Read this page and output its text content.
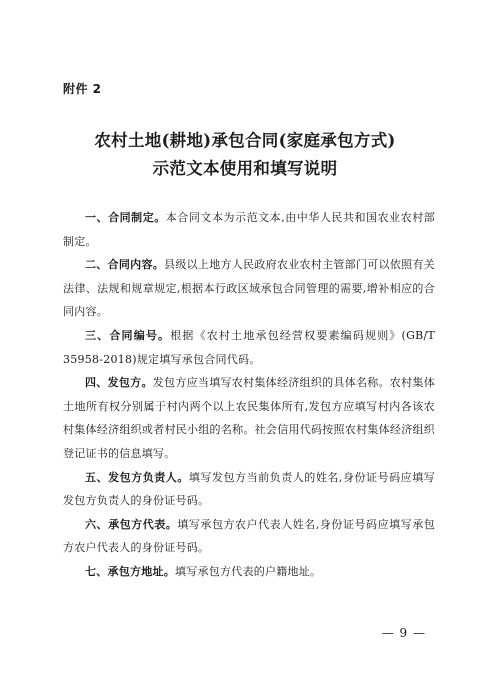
附件 2
农村土地(耕地)承包合同(家庭承包方式)
示范文本使用和填写说明

一、合同制定。本合同文本为示范文本,由中华人民共和国农业农村部制定。

二、合同内容。县级以上地方人民政府农业农村主管部门可以依照有关法律、法规和规章规定,根据本行政区域承包合同管理的需要,增补相应的合同内容。

三、合同编号。根据《农村土地承包经营权要素编码规则》(GB/T 35958-2018)规定填写承包合同代码。

四、发包方。发包方应当填写农村集体经济组织的具体名称。农村集体土地所有权分别属于村内两个以上农民集体所有,发包方应填写村内各该农村集体经济组织或者村民小组的名称。社会信用代码按照农村集体经济组织登记证书的信息填写。

五、发包方负责人。填写发包方当前负责人的姓名,身份证号码应填写发包方负责人的身份证号码。

六、承包方代表。填写承包方农户代表人姓名,身份证号码应填写承包方农户代表人的身份证号码。

七、承包方地址。填写承包方代表的户籍地址。

— 9 —
